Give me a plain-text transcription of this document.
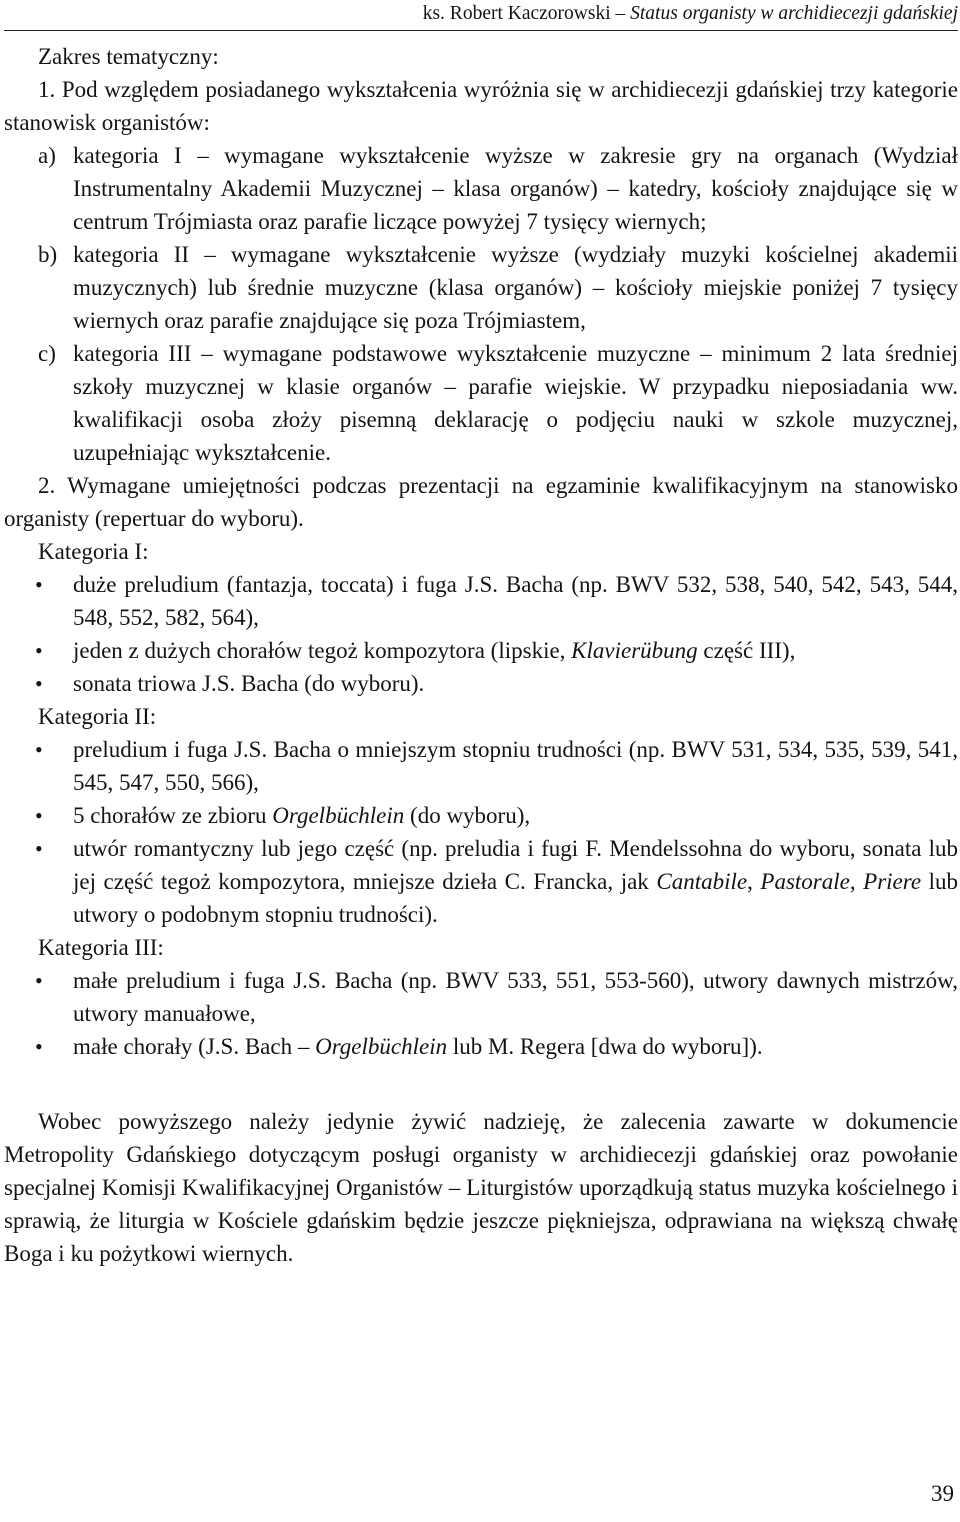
ks. Robert Kaczorowski – Status organisty w archidiecezji gdańskiej

Zakres tematyczny:

1. Pod względem posiadanego wykształcenia wyróżnia się w archidiecezji gdańskiej trzy kategorie stanowisk organistów:

a) kategoria I – wymagane wykształcenie wyższe w zakresie gry na organach (Wydział Instrumentalny Akademii Muzycznej – klasa organów) – katedry, kościoły znajdujące się w centrum Trójmiasta oraz parafie liczące powyżej 7 tysięcy wiernych;
b) kategoria II – wymagane wykształcenie wyższe (wydziały muzyki kościelnej akademii muzycznych) lub średnie muzyczne (klasa organów) – kościoły miejskie poniżej 7 tysięcy wiernych oraz parafie znajdujące się poza Trójmiastem,
c) kategoria III – wymagane podstawowe wykształcenie muzyczne – minimum 2 lata średniej szkoły muzycznej w klasie organów – parafie wiejskie. W przypadku nieposiadania ww. kwalifikacji osoba złoży pisemną deklarację o podjęciu nauki w szkole muzycznej, uzupełniając wykształcenie.

2. Wymagane umiejętności podczas prezentacji na egzaminie kwalifikacyjnym na stanowisko organisty (repertuar do wyboru).

Kategoria I:

• duże preludium (fantazja, toccata) i fuga J.S. Bacha (np. BWV 532, 538, 540, 542, 543, 544, 548, 552, 582, 564),
• jeden z dużych chorałów tegoż kompozytora (lipskie, Klavierübung część III),
• sonata triowa J.S. Bacha (do wyboru).

Kategoria II:

• preludium i fuga J.S. Bacha o mniejszym stopniu trudności (np. BWV 531, 534, 535, 539, 541, 545, 547, 550, 566),
• 5 chorałów ze zbioru Orgelbüchlein (do wyboru),
• utwór romantyczny lub jego część (np. preludia i fugi F. Mendelssohna do wyboru, sonata lub jej część tegoż kompozytora, mniejsze dzieła C. Francka, jak Cantabile, Pastorale, Priere lub utwory o podobnym stopniu trudności).

Kategoria III:

• małe preludium i fuga J.S. Bacha (np. BWV 533, 551, 553-560), utwory dawnych mistrzów, utwory manuałowe,
• małe chorały (J.S. Bach – Orgelbüchlein lub M. Regera [dwa do wyboru]).

Wobec powyższego należy jedynie żywić nadzieję, że zalecenia zawarte w dokumencie Metropolity Gdańskiego dotyczącym posługi organisty w archidiecezji gdańskiej oraz powołanie specjalnej Komisji Kwalifikacyjnej Organistów – Liturgistów uporządkują status muzyka kościelnego i sprawią, że liturgia w Kościele gdańskim będzie jeszcze piękniejsza, odprawiana na większą chwałę Boga i ku pożytkowi wiernych.

39
